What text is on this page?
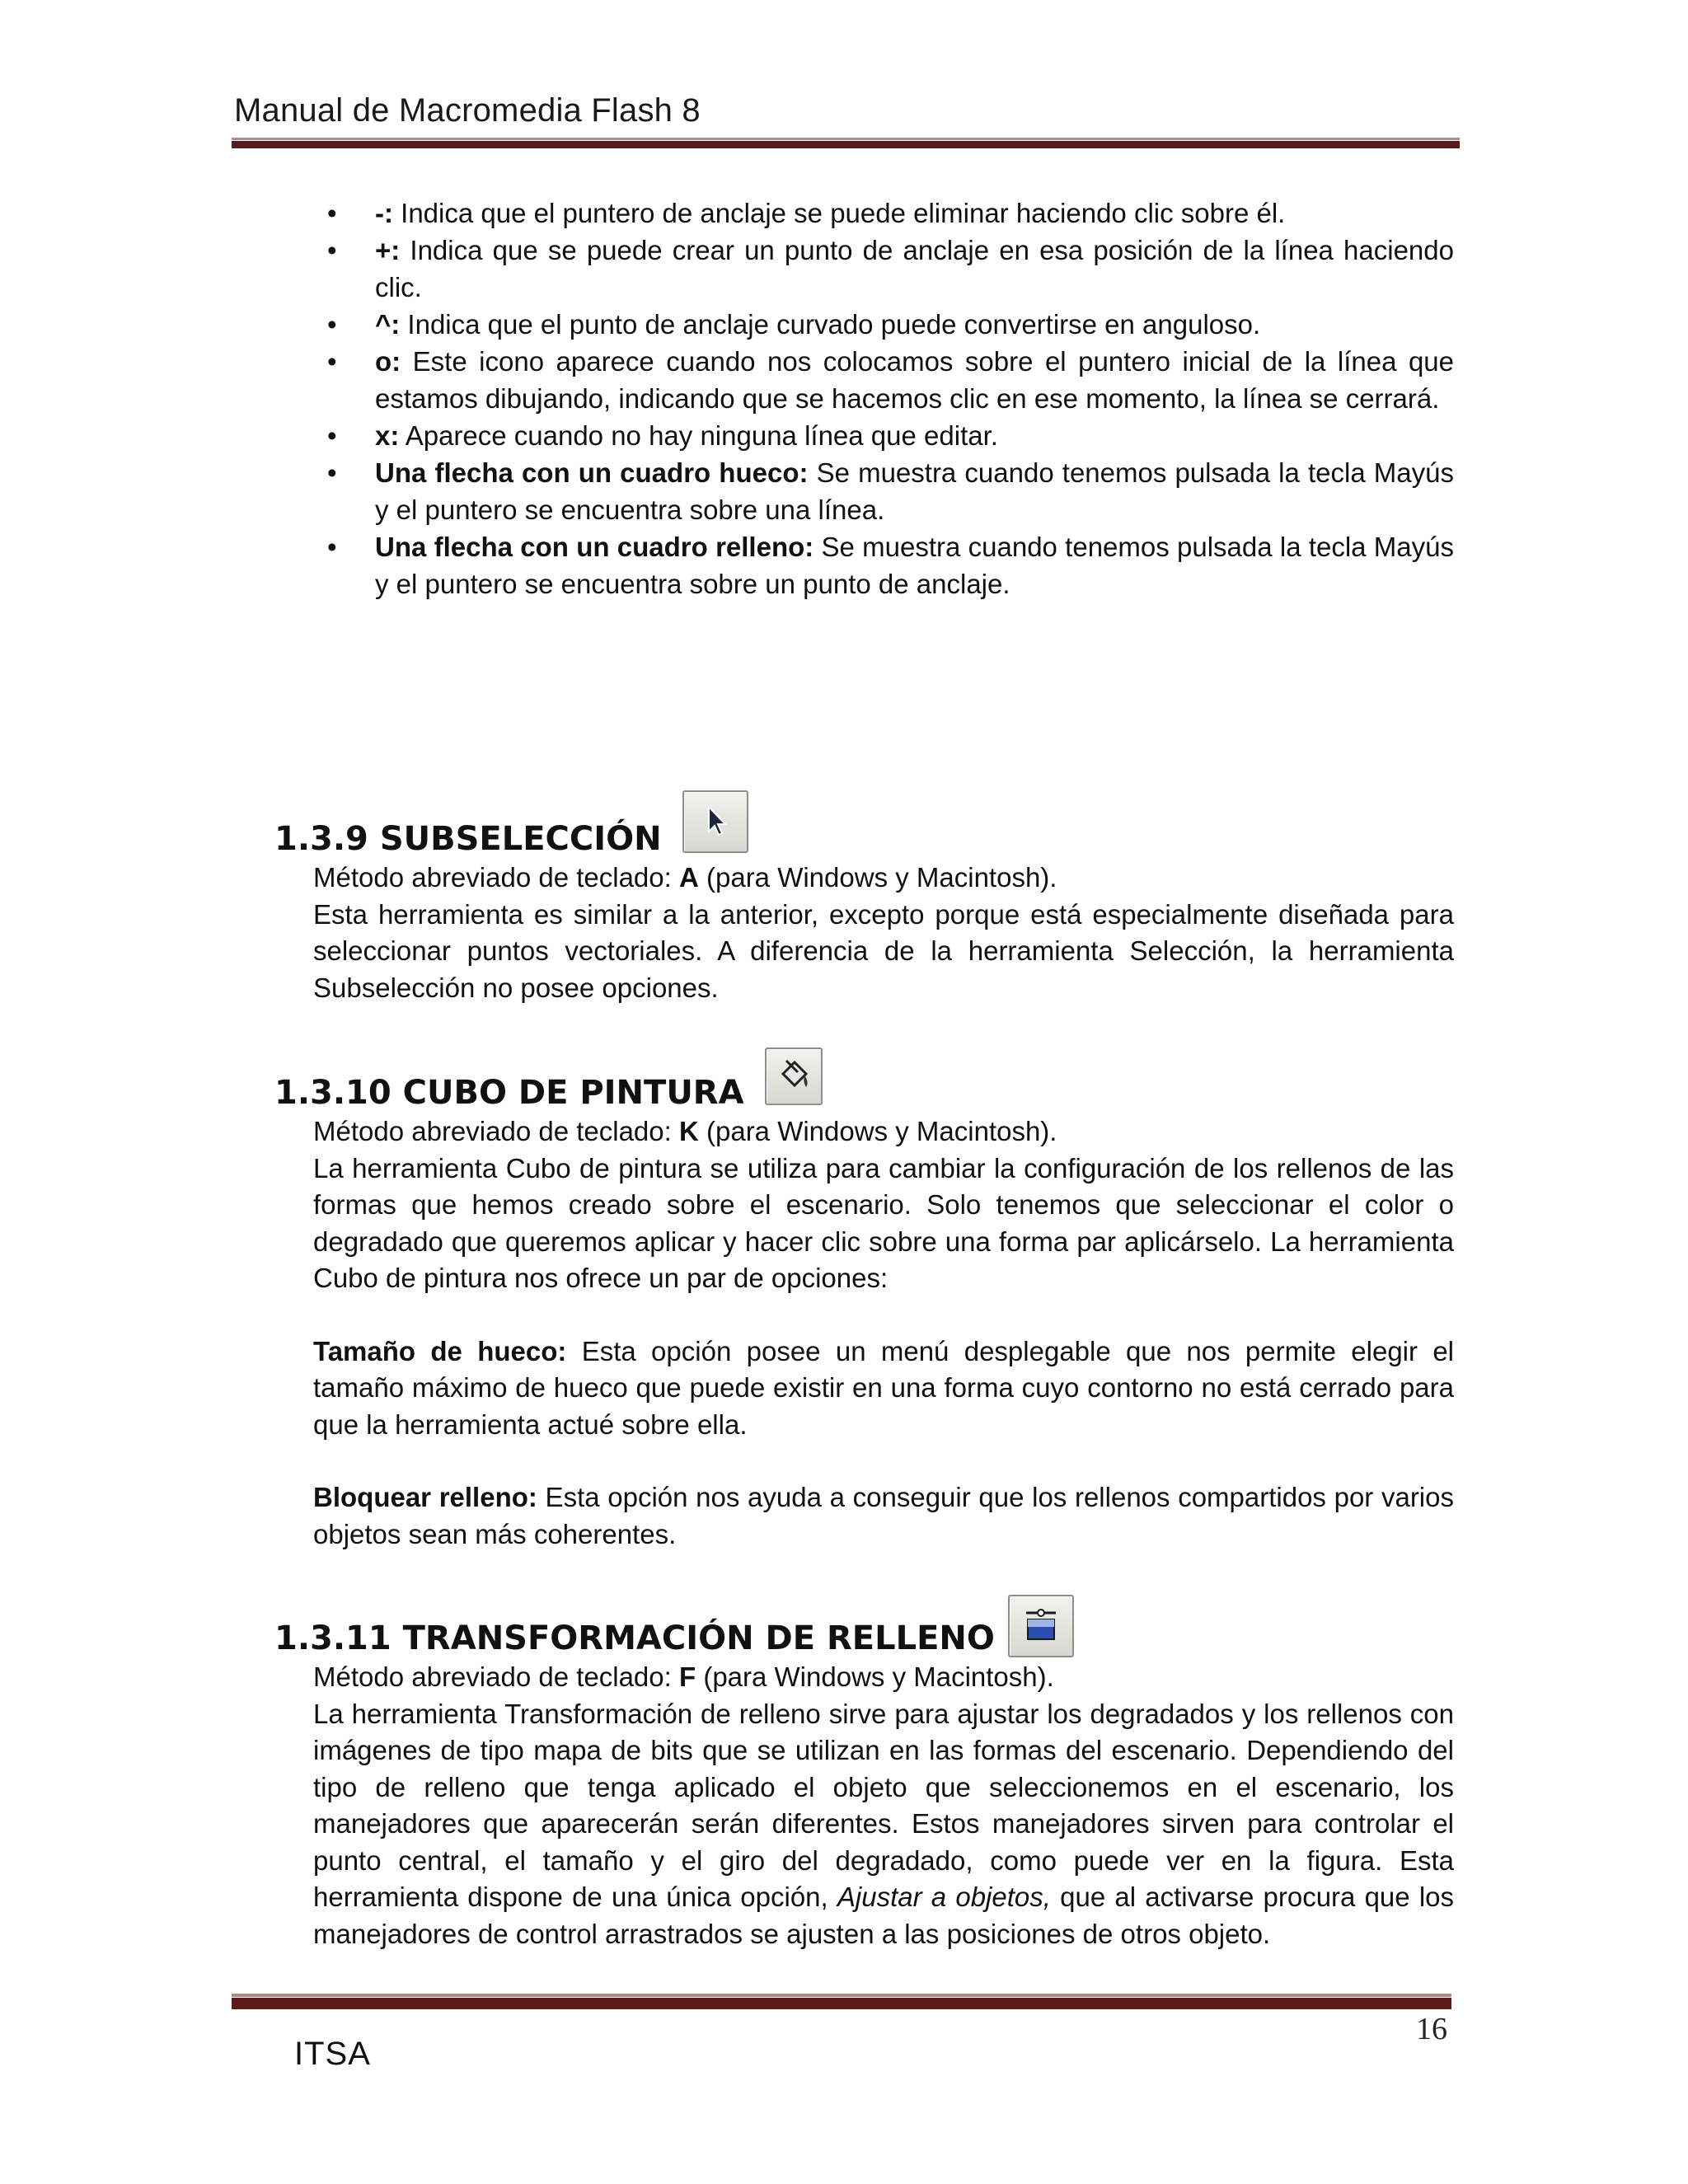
Manual de Macromedia Flash 8
• -: Indica que el puntero de anclaje se puede eliminar haciendo clic sobre él.
• +: Indica que se puede crear un punto de anclaje en esa posición de la línea haciendo clic.
• ^: Indica que el punto de anclaje curvado puede convertirse en anguloso.
• o: Este icono aparece cuando nos colocamos sobre el puntero inicial de la línea que estamos dibujando, indicando que se hacemos clic en ese momento, la línea se cerrará.
• x: Aparece cuando no hay ninguna línea que editar.
• Una flecha con un cuadro hueco: Se muestra cuando tenemos pulsada la tecla Mayús y el puntero se encuentra sobre una línea.
• Una flecha con un cuadro relleno: Se muestra cuando tenemos pulsada la tecla Mayús y el puntero se encuentra sobre un punto de anclaje.
1.3.9 SUBSELECCIÓN

Método abreviado de teclado: A (para Windows y Macintosh).

Esta herramienta es similar a la anterior, excepto porque está especialmente diseñada para seleccionar puntos vectoriales. A diferencia de la herramienta Selección, la herramienta Subselección no posee opciones.

1.3.10 CUBO DE PINTURA

Método abreviado de teclado: K (para Windows y Macintosh).

La herramienta Cubo de pintura se utiliza para cambiar la configuración de los rellenos de las formas que hemos creado sobre el escenario. Solo tenemos que seleccionar el color o degradado que queremos aplicar y hacer clic sobre una forma par aplicárselo. La herramienta Cubo de pintura nos ofrece un par de opciones:

Tamaño de hueco: Esta opción posee un menú desplegable que nos permite elegir el tamaño máximo de hueco que puede existir en una forma cuyo contorno no está cerrado para que la herramienta actué sobre ella.

Bloquear relleno: Esta opción nos ayuda a conseguir que los rellenos compartidos por varios objetos sean más coherentes.

1.3.11 TRANSFORMACIÓN DE RELLENO

Método abreviado de teclado: F (para Windows y Macintosh).

La herramienta Transformación de relleno sirve para ajustar los degradados y los rellenos con imágenes de tipo mapa de bits que se utilizan en las formas del escenario. Dependiendo del tipo de relleno que tenga aplicado el objeto que seleccionemos en el escenario, los manejadores que aparecerán serán diferentes. Estos manejadores sirven para controlar el punto central, el tamaño y el giro del degradado, como puede ver en la figura. Esta herramienta dispone de una única opción, Ajustar a objetos, que al activarse procura que los manejadores de control arrastrados se ajusten a las posiciones de otros objeto.

16
ITSA
